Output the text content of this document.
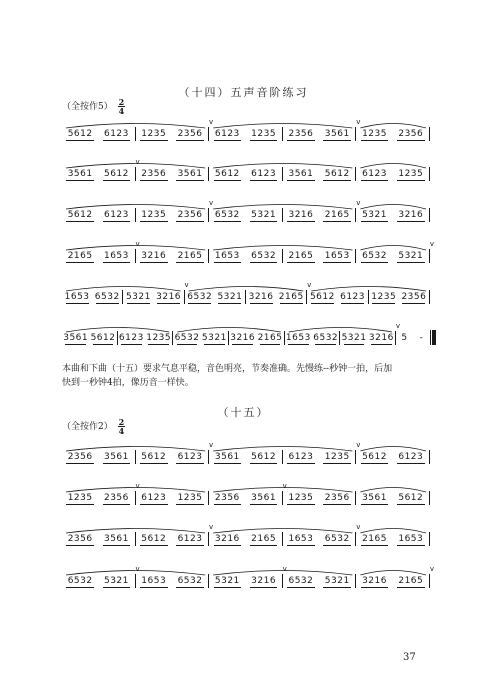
（十四）五声音阶练习
（全按作$5) \frac{2}{4}$
5612	6123	1235	2356
v
6123	1235	2356	3561
v
1235	2356
3561	5612
v
2356	3561	5612	6123	3561	5612	6123	1235
5612	6123	1235	2356
v
6532	5321	3216	2165
v
5321	3216
2165	1653
v
3216	2165	1653	6532	2165	1653	6532	5321
v
1653 6532 5321 3216
v
6532 5321 3216 2165
v
5612 6123 1235 2356
3561 5612 6123 1235 6532 5321 3216 2165 1653 6532 5321 3216
v
5	-
本曲和下曲（十五）要求气息平稳，音色明亮，节奏准确。先慢练--秒钟一拍，后加
快到一秒钟4拍，像历音一样快。
（十五）
（全按作$2) \frac{2}{4}$
2356	3561	5612	6123
v
3561	5612	6123	1235
v
5612	6123
1235	2356
v
6123	1235	2356	3561
v
1235	2356	3561	5612
2356	3561	5612	6123
v
3216	2165	1653	6532
v
2165	1653
6532	5321
v
1653	6532	5321	3216
v
6532	5321	3216	2165
v
37
